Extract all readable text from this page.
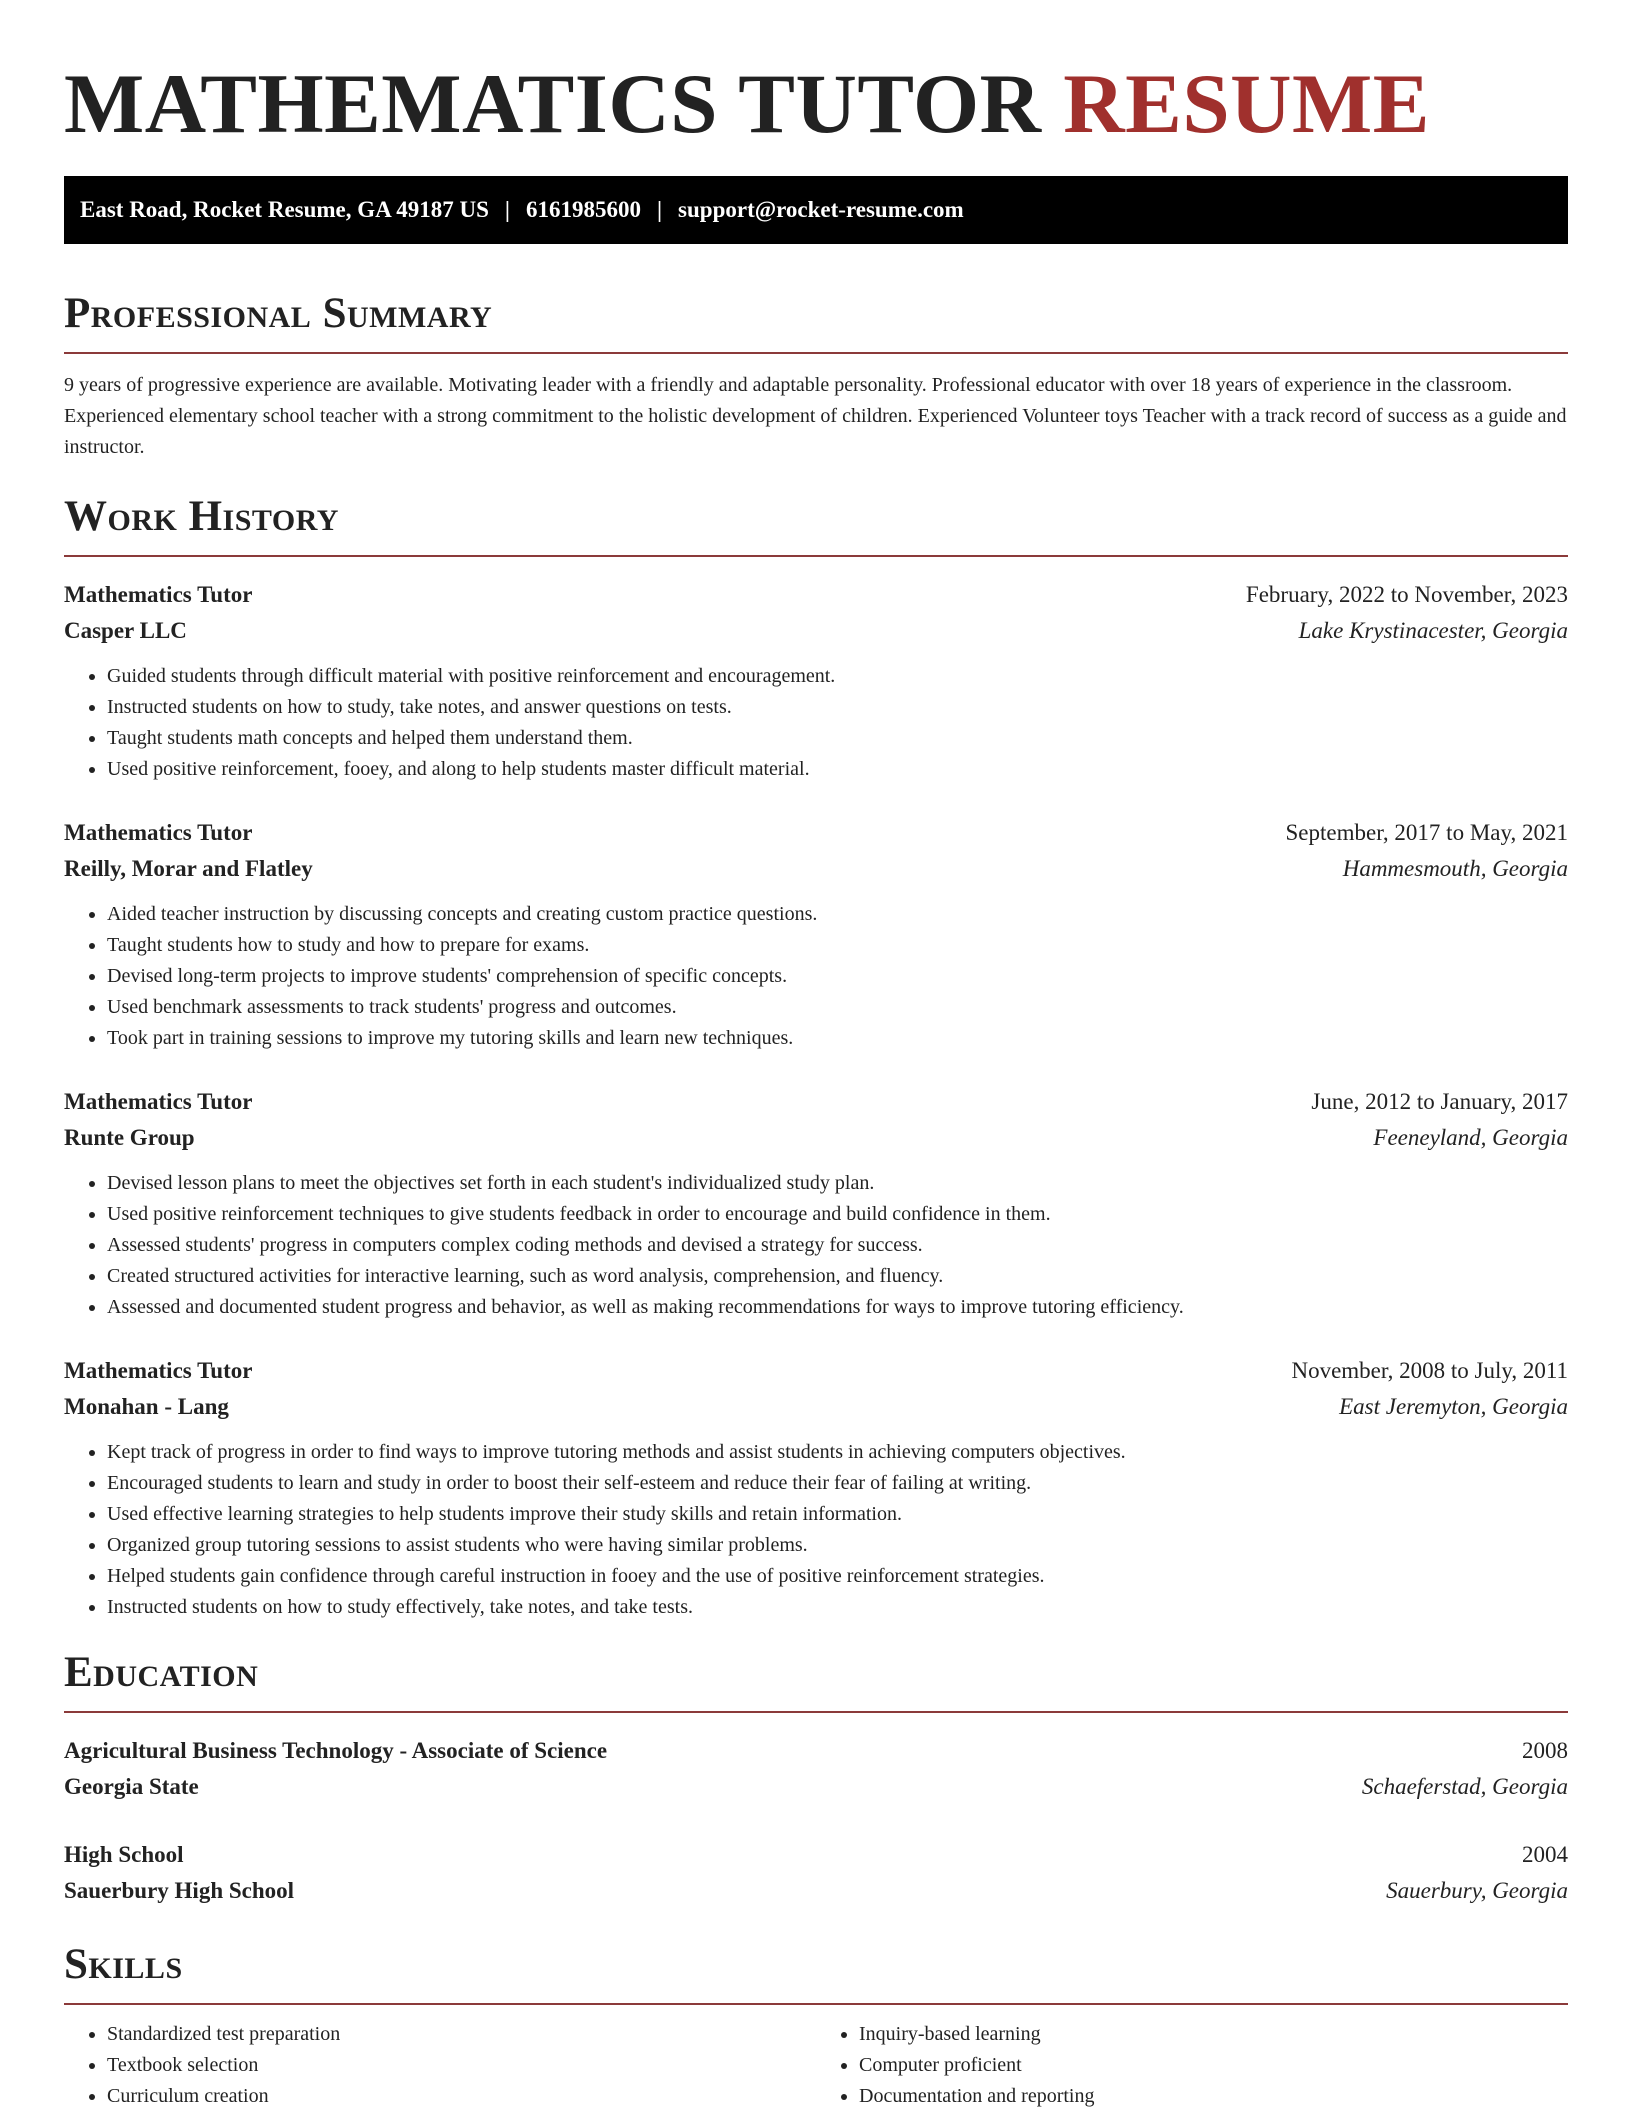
MATHEMATICS TUTOR RESUME
East Road, Rocket Resume, GA 49187 US | 6161985600 | support@rocket-resume.com
Professional Summary

9 years of progressive experience are available. Motivating leader with a friendly and adaptable personality. Professional educator with over 18 years of experience in the classroom. Experienced elementary school teacher with a strong commitment to the holistic development of children. Experienced Volunteer toys Teacher with a track record of success as a guide and instructor.

Work History
Mathematics Tutor	February, 2022 to November, 2023
Casper LLC	Lake Krystinacester, Georgia
• Guided students through difficult material with positive reinforcement and encouragement.
• Instructed students on how to study, take notes, and answer questions on tests.
• Taught students math concepts and helped them understand them.
• Used positive reinforcement, fooey, and along to help students master difficult material.
Mathematics Tutor	September, 2017 to May, 2021
Reilly, Morar and Flatley	Hammesmouth, Georgia
• Aided teacher instruction by discussing concepts and creating custom practice questions.
• Taught students how to study and how to prepare for exams.
• Devised long-term projects to improve students' comprehension of specific concepts.
• Used benchmark assessments to track students' progress and outcomes.
• Took part in training sessions to improve my tutoring skills and learn new techniques.
Mathematics Tutor	June, 2012 to January, 2017
Runte Group	Feeneyland, Georgia
• Devised lesson plans to meet the objectives set forth in each student's individualized study plan.
• Used positive reinforcement techniques to give students feedback in order to encourage and build confidence in them.
• Assessed students' progress in computers complex coding methods and devised a strategy for success.
• Created structured activities for interactive learning, such as word analysis, comprehension, and fluency.
• Assessed and documented student progress and behavior, as well as making recommendations for ways to improve tutoring efficiency.
Mathematics Tutor	November, 2008 to July, 2011
Monahan - Lang	East Jeremyton, Georgia
• Kept track of progress in order to find ways to improve tutoring methods and assist students in achieving computers objectives.
• Encouraged students to learn and study in order to boost their self-esteem and reduce their fear of failing at writing.
• Used effective learning strategies to help students improve their study skills and retain information.
• Organized group tutoring sessions to assist students who were having similar problems.
• Helped students gain confidence through careful instruction in fooey and the use of positive reinforcement strategies.
• Instructed students on how to study effectively, take notes, and take tests.
Education
Agricultural Business Technology - Associate of Science	2008
Georgia State	Schaeferstad, Georgia
High School	2004
Sauerbury High School	Sauerbury, Georgia
Skills
• Standardized test preparation
• Textbook selection
• Curriculum creation
• Inquiry-based learning
• Computer proficient
• Documentation and reporting
